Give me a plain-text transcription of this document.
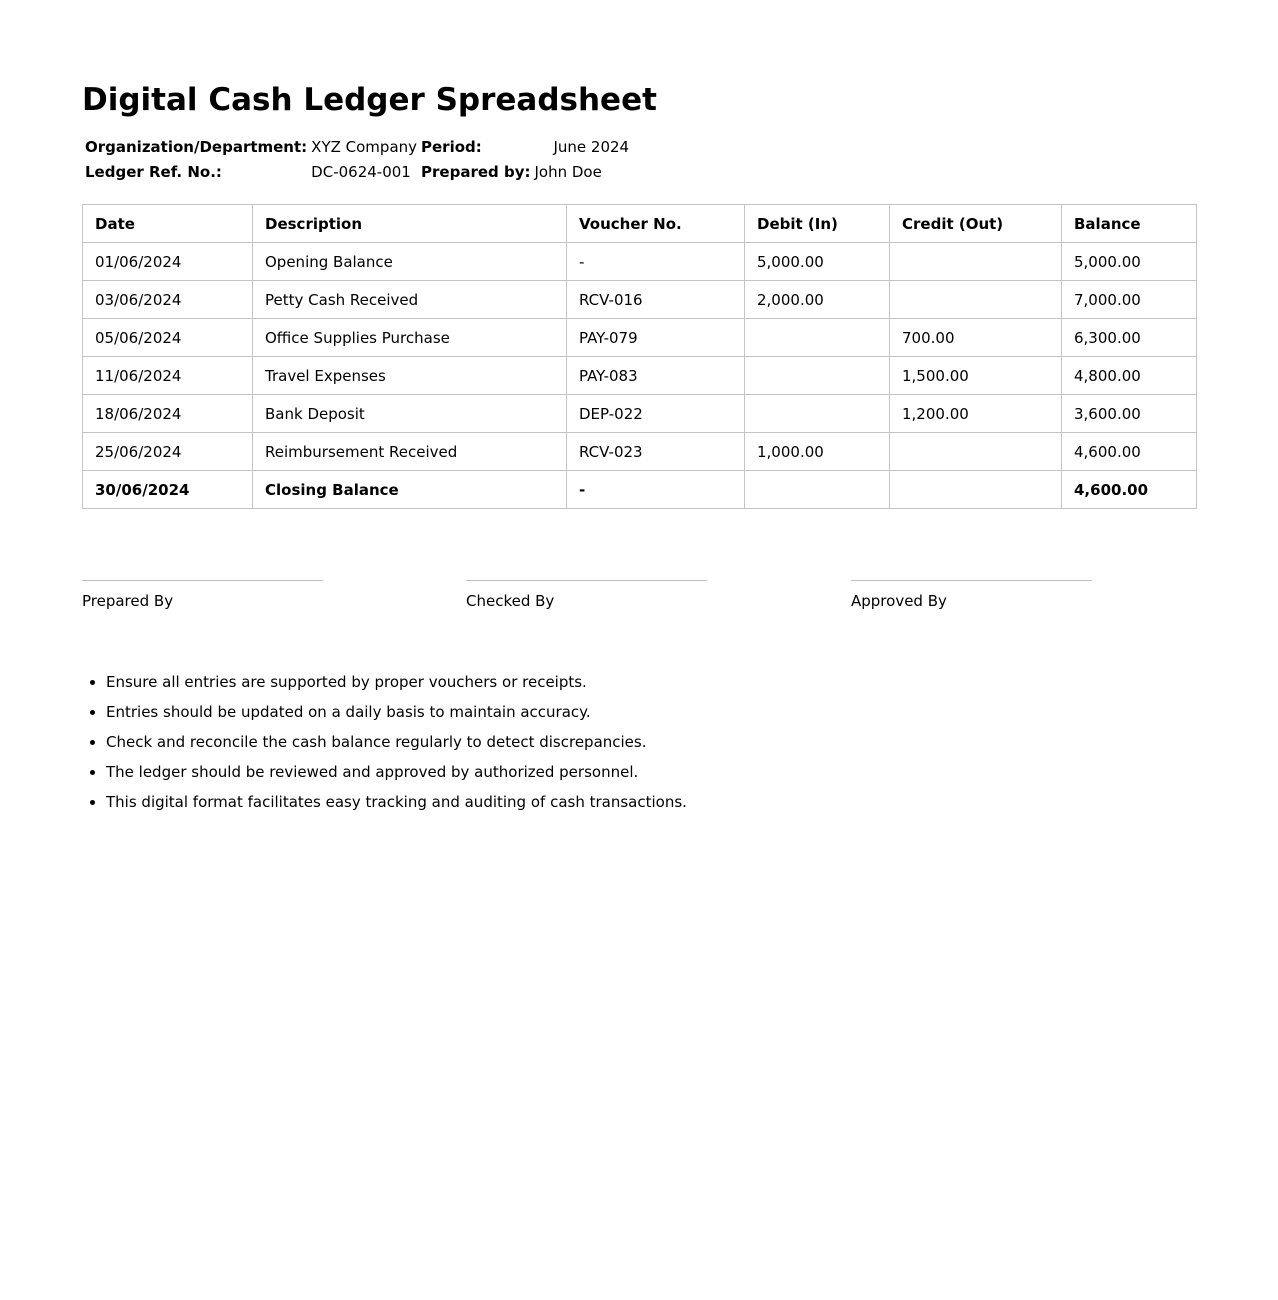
Digital Cash Ledger Spreadsheet
Organization/Department:	XYZ Company	Period:	June 2024
Ledger Ref. No.:	DC-0624-001	Prepared by:	John Doe
Date	Description	Voucher No.	Debit (In)	Credit (Out)	Balance
01/06/2024	Opening Balance	-	5,000.00		5,000.00
03/06/2024	Petty Cash Received	RCV-016	2,000.00		7,000.00
05/06/2024	Office Supplies Purchase	PAY-079		700.00	6,300.00
11/06/2024	Travel Expenses	PAY-083		1,500.00	4,800.00
18/06/2024	Bank Deposit	DEP-022		1,200.00	3,600.00
25/06/2024	Reimbursement Received	RCV-023	1,000.00		4,600.00
30/06/2024	Closing Balance	-			4,600.00
Prepared By	Checked By	Approved By
• Ensure all entries are supported by proper vouchers or receipts.
• Entries should be updated on a daily basis to maintain accuracy.
• Check and reconcile the cash balance regularly to detect discrepancies.
• The ledger should be reviewed and approved by authorized personnel.
• This digital format facilitates easy tracking and auditing of cash transactions.
